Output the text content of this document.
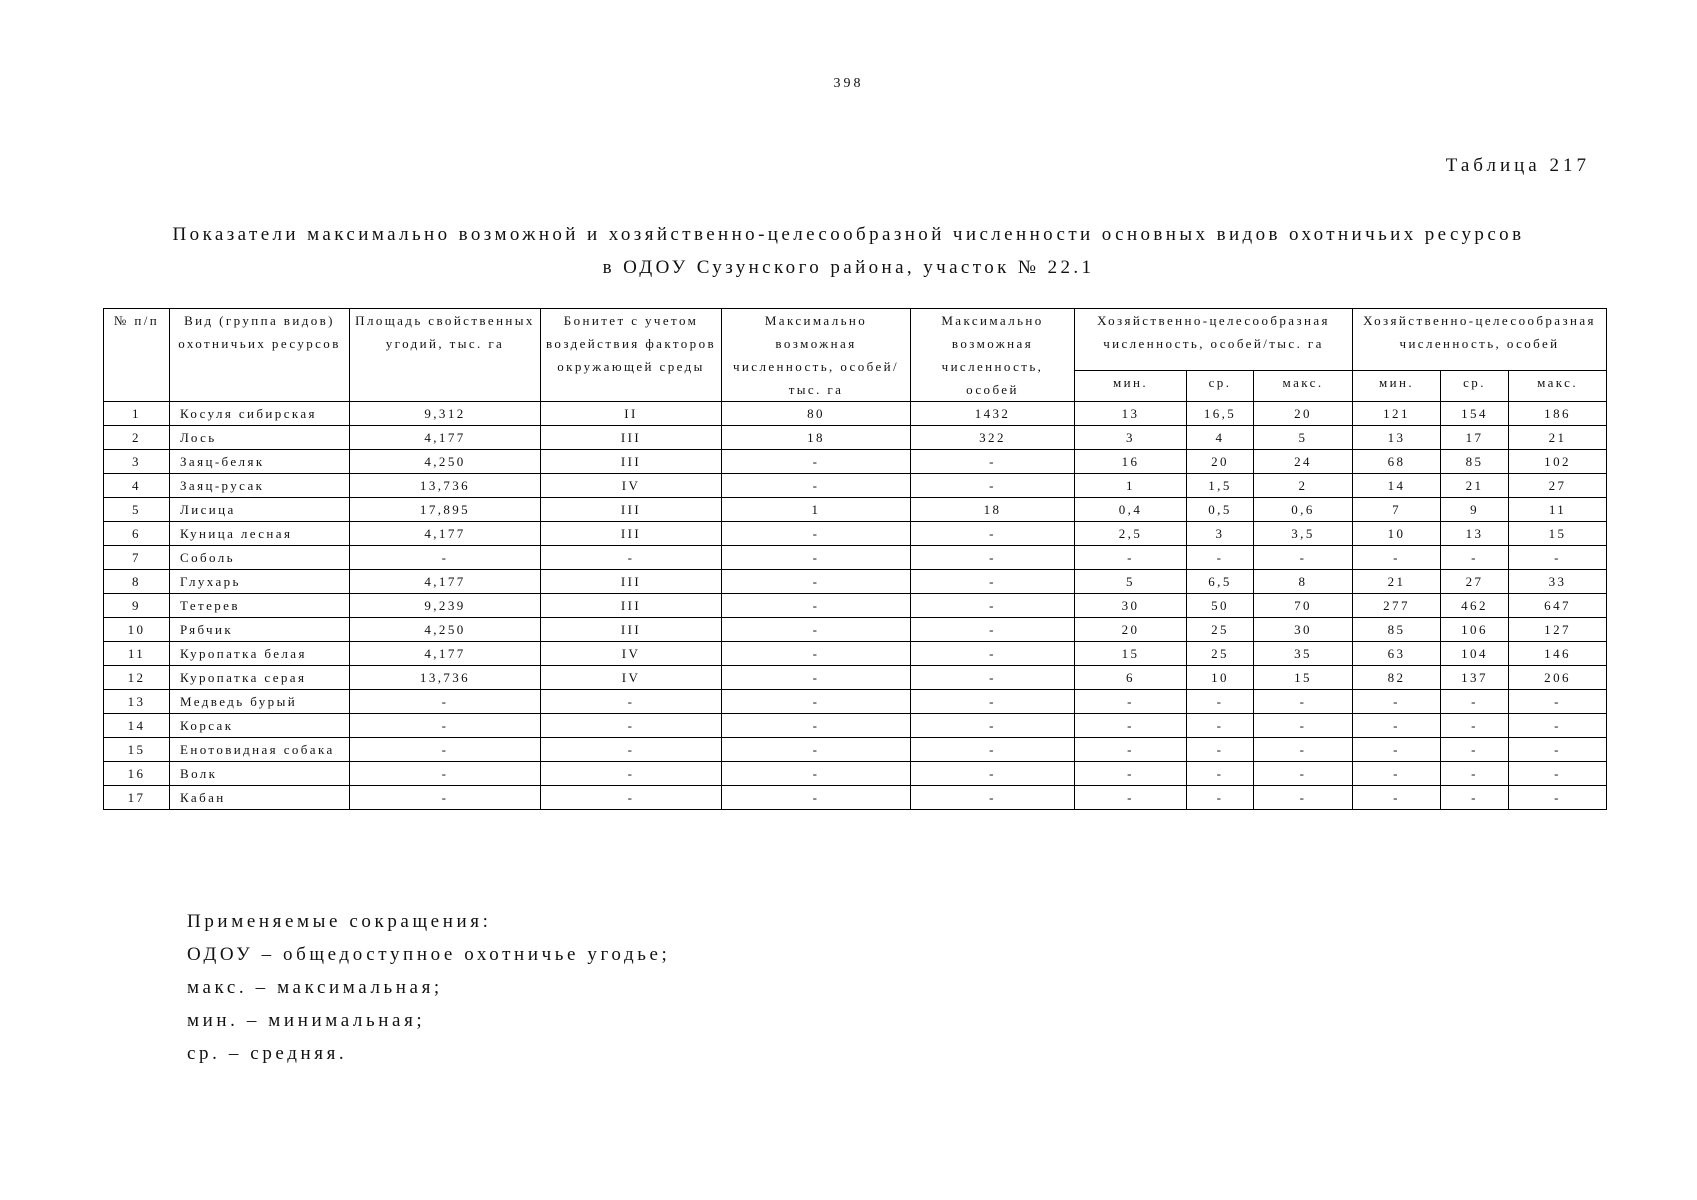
398
Таблица 217
Показатели максимально возможной и хозяйственно-целесообразной численности основных видов охотничьих ресурсов
в ОДОУ Сузунского района, участок № 22.1
№ п/п	Вид (группа видов) охотничьих ресурсов	Площадь свойственных угодий, тыс. га	Бонитет с учетом воздействия факторов окружающей среды	Максимально возможная численность, особей/тыс. га	Максимально возможная численность, особей	Хозяйственно-целесообразная численность, особей/тыс. га			Хозяйственно-целесообразная численность, особей		
						мин.	ср.	макс.	мин.	ср.	макс.
1	Косуля сибирская	9,312	II	80	1432	13	16,5	20	121	154	186
2	Лось	4,177	III	18	322	3	4	5	13	17	21
3	Заяц-беляк	4,250	III	-	-	16	20	24	68	85	102
4	Заяц-русак	13,736	IV	-	-	1	1,5	2	14	21	27
5	Лисица	17,895	III	1	18	0,4	0,5	0,6	7	9	11
6	Куница лесная	4,177	III	-	-	2,5	3	3,5	10	13	15
7	Соболь	-	-	-	-	-	-	-	-	-	-
8	Глухарь	4,177	III	-	-	5	6,5	8	21	27	33
9	Тетерев	9,239	III	-	-	30	50	70	277	462	647
10	Рябчик	4,250	III	-	-	20	25	30	85	106	127
11	Куропатка белая	4,177	IV	-	-	15	25	35	63	104	146
12	Куропатка серая	13,736	IV	-	-	6	10	15	82	137	206
13	Медведь бурый	-	-	-	-	-	-	-	-	-	-
14	Корсак	-	-	-	-	-	-	-	-	-	-
15	Енотовидная собака	-	-	-	-	-	-	-	-	-	-
16	Волк	-	-	-	-	-	-	-	-	-	-
17	Кабан	-	-	-	-	-	-	-	-	-	-
Применяемые сокращения:
ОДОУ – общедоступное охотничье угодье;
макс. – максимальная;
мин. – минимальная;
ср. – средняя.
